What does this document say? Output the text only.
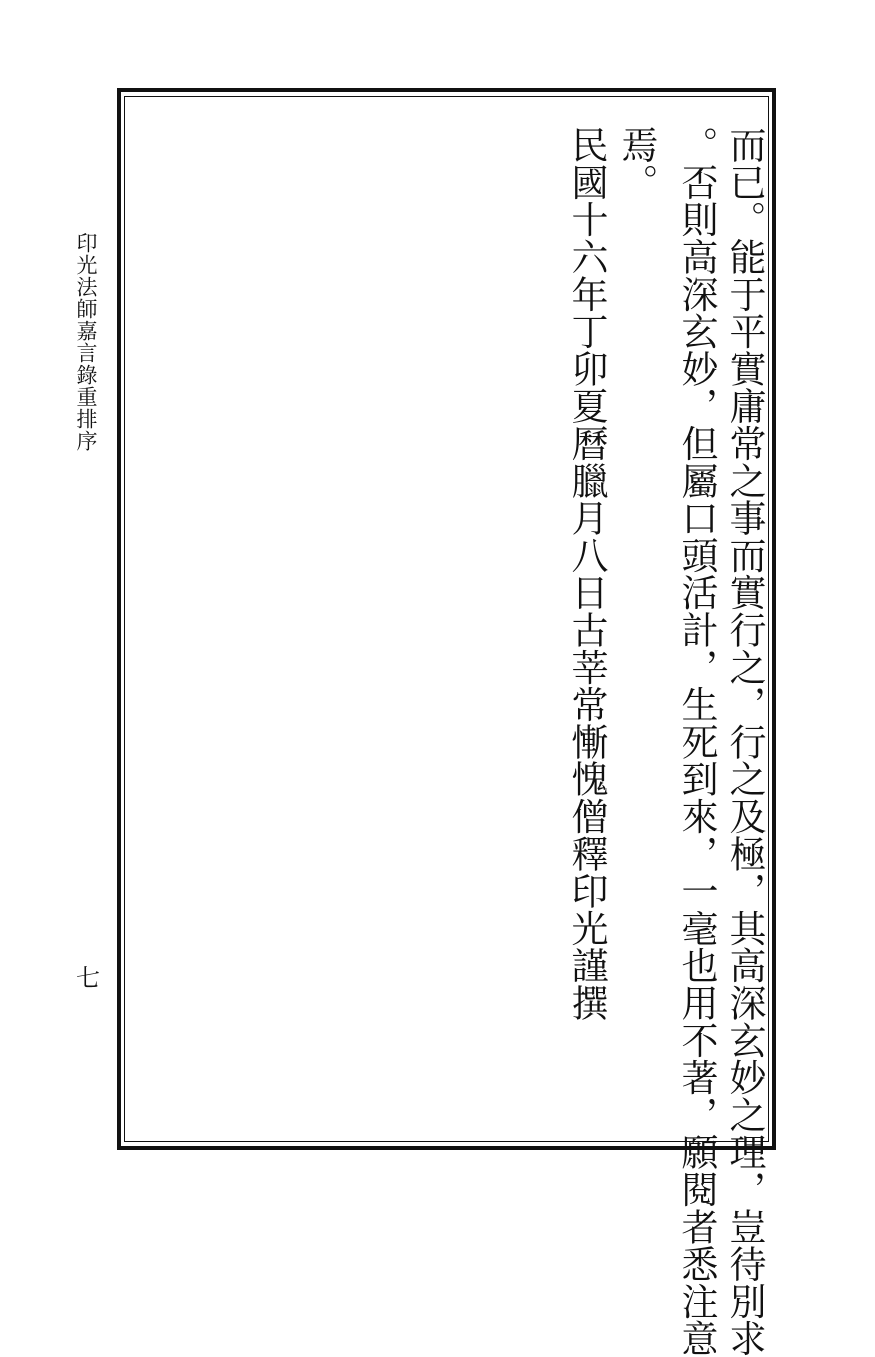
印光法師嘉言錄重排序
七	而已。能于平實庸常之事而實行之，行之及極，其高深玄妙之理，豈待別求
。否則高深玄妙，但屬口頭活計，生死到來，一毫也用不著，願閱者悉注意
焉。
民國十六年丁卯夏曆臘月八日古莘常慚愧僧釋印光謹撰
